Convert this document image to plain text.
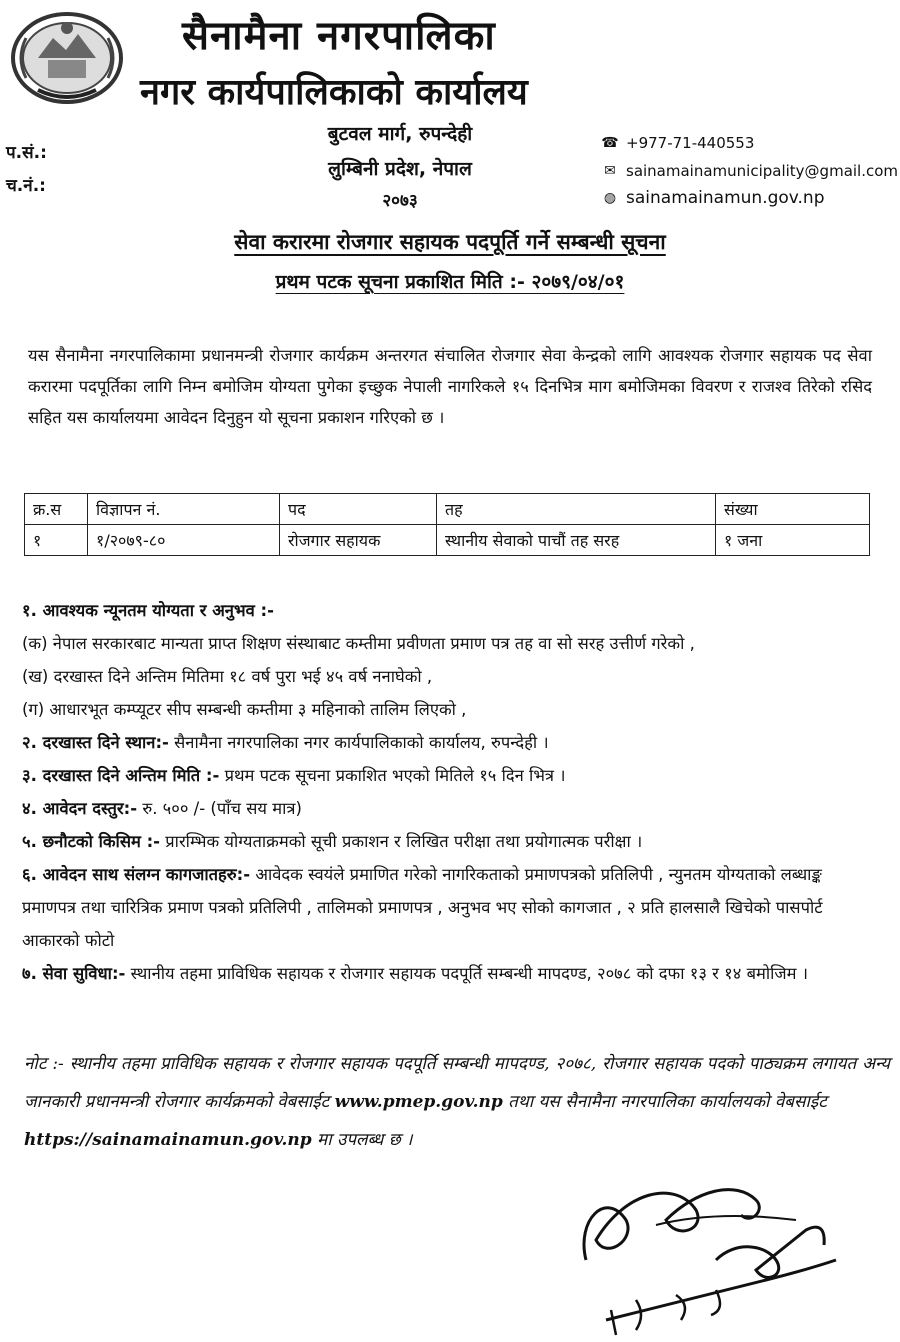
सैनामैना नगरपालिका
नगर कार्यपालिकाको कार्यालय
बुटवल मार्ग, रुपन्देही
लुम्बिनी प्रदेश, नेपाल
२०७३
प.सं.:
च.नं.:
☎ +977-71-440553
✉ sainamainamunicipality@gmail.com
◍ sainamainamun.gov.np
सेवा करारमा रोजगार सहायक पदपूर्ति गर्ने सम्बन्धी सूचना
प्रथम पटक सूचना प्रकाशित मिति :- २०७९/०४/०१
यस सैनामैना नगरपालिकामा प्रधानमन्त्री रोजगार कार्यक्रम अन्तरगत संचालित रोजगार सेवा केन्द्रको लागि आवश्यक रोजगार सहायक पद सेवा करारमा पदपूर्तिका लागि निम्न बमोजिम योग्यता पुगेका इच्छुक नेपाली नागरिकले १५ दिनभित्र माग बमोजिमका विवरण र राजश्व तिरेको रसिद सहित यस कार्यालयमा आवेदन दिनुहुन यो सूचना प्रकाशन गरिएको छ ।
क्र.स	विज्ञापन नं.	पद	तह	संख्या
१	१/२०७९-८०	रोजगार सहायक	स्थानीय सेवाको पाचौं तह सरह	१ जना
१. आवश्यक न्यूनतम योग्यता र अनुभव :-
(क) नेपाल सरकारबाट मान्यता प्राप्त शिक्षण संस्थाबाट कम्तीमा प्रवीणता प्रमाण पत्र तह वा सो सरह उत्तीर्ण गरेको ,
(ख) दरखास्त दिने अन्तिम मितिमा १८ वर्ष पुरा भई ४५ वर्ष ननाघेको ,
(ग) आधारभूत कम्प्यूटर सीप सम्बन्धी कम्तीमा ३ महिनाको तालिम लिएको ,
२. दरखास्त दिने स्थान:- सैनामैना नगरपालिका नगर कार्यपालिकाको कार्यालय, रुपन्देही ।
३. दरखास्त दिने अन्तिम मिति :- प्रथम पटक सूचना प्रकाशित भएको मितिले १५ दिन भित्र ।
४. आवेदन दस्तुर:- रु. ५०० /- (पाँच सय मात्र)
५. छनौटको किसिम :- प्रारम्भिक योग्यताक्रमको सूची प्रकाशन र लिखित परीक्षा तथा प्रयोगात्मक परीक्षा ।
६. आवेदन साथ संलग्न कागजातहरु:- आवेदक स्वयंले प्रमाणित गरेको नागरिकताको प्रमाणपत्रको प्रतिलिपी , न्युनतम योग्यताको लब्धाङ्क प्रमाणपत्र तथा चारित्रिक प्रमाण पत्रको प्रतिलिपी , तालिमको प्रमाणपत्र , अनुभव भए सोको कागजात , २ प्रति हालसालै खिचेको पासपोर्ट आकारको फोटो
७. सेवा सुविधा:- स्थानीय तहमा प्राविधिक सहायक र रोजगार सहायक पदपूर्ति सम्बन्धी मापदण्ड, २०७८ को दफा १३ र १४ बमोजिम ।
नोट :- स्थानीय तहमा प्राविधिक सहायक र रोजगार सहायक पदपूर्ति सम्बन्धी मापदण्ड, २०७८, रोजगार सहायक पदको पाठ्यक्रम लगायत अन्य जानकारी प्रधानमन्त्री रोजगार कार्यक्रमको वेबसाईट www.pmep.gov.np तथा यस सैनामैना नगरपालिका कार्यालयको वेबसाईट
https://sainamainamun.gov.np मा उपलब्ध छ ।
